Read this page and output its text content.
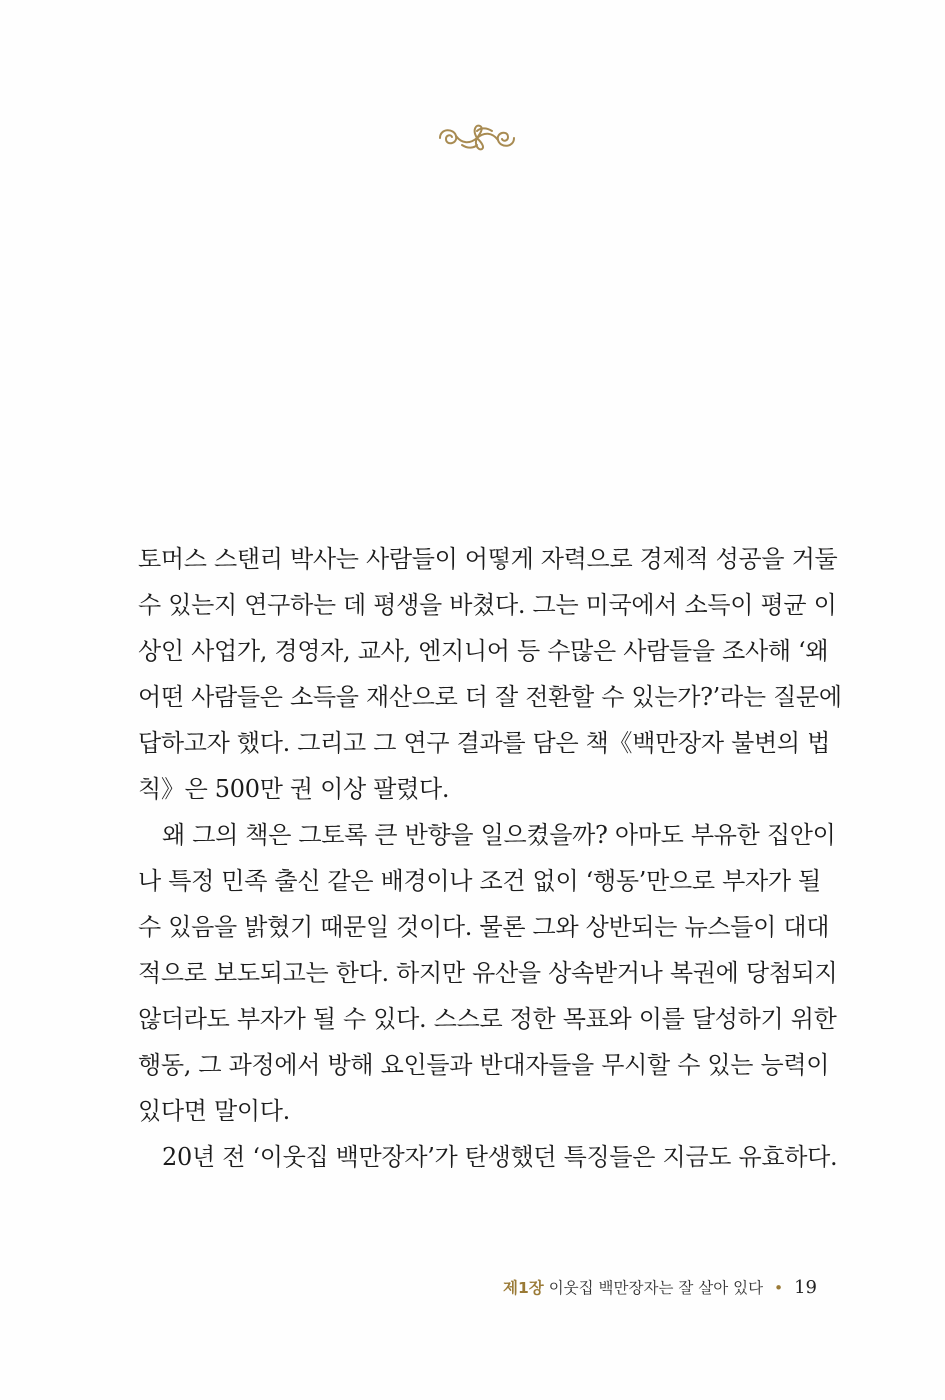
토머스 스탠리 박사는 사람들이 어떻게 자력으로 경제적 성공을 거둘
수 있는지 연구하는 데 평생을 바쳤다. 그는 미국에서 소득이 평균 이
상인 사업가, 경영자, 교사, 엔지니어 등 수많은 사람들을 조사해 ‘왜
어떤 사람들은 소득을 재산으로 더 잘 전환할 수 있는가?’라는 질문에
답하고자 했다. 그리고 그 연구 결과를 담은 책《백만장자 불변의 법
칙》은 500만 권 이상 팔렸다.
왜 그의 책은 그토록 큰 반향을 일으켰을까? 아마도 부유한 집안이
나 특정 민족 출신 같은 배경이나 조건 없이 ‘행동’만으로 부자가 될
수 있음을 밝혔기 때문일 것이다. 물론 그와 상반되는 뉴스들이 대대
적으로 보도되고는 한다. 하지만 유산을 상속받거나 복권에 당첨되지
않더라도 부자가 될 수 있다. 스스로 정한 목표와 이를 달성하기 위한
행동, 그 과정에서 방해 요인들과 반대자들을 무시할 수 있는 능력이
있다면 말이다.
20년 전 ‘이웃집 백만장자’가 탄생했던 특징들은 지금도 유효하다.
제1장 이웃집 백만장자는 잘 살아 있다 • 19
